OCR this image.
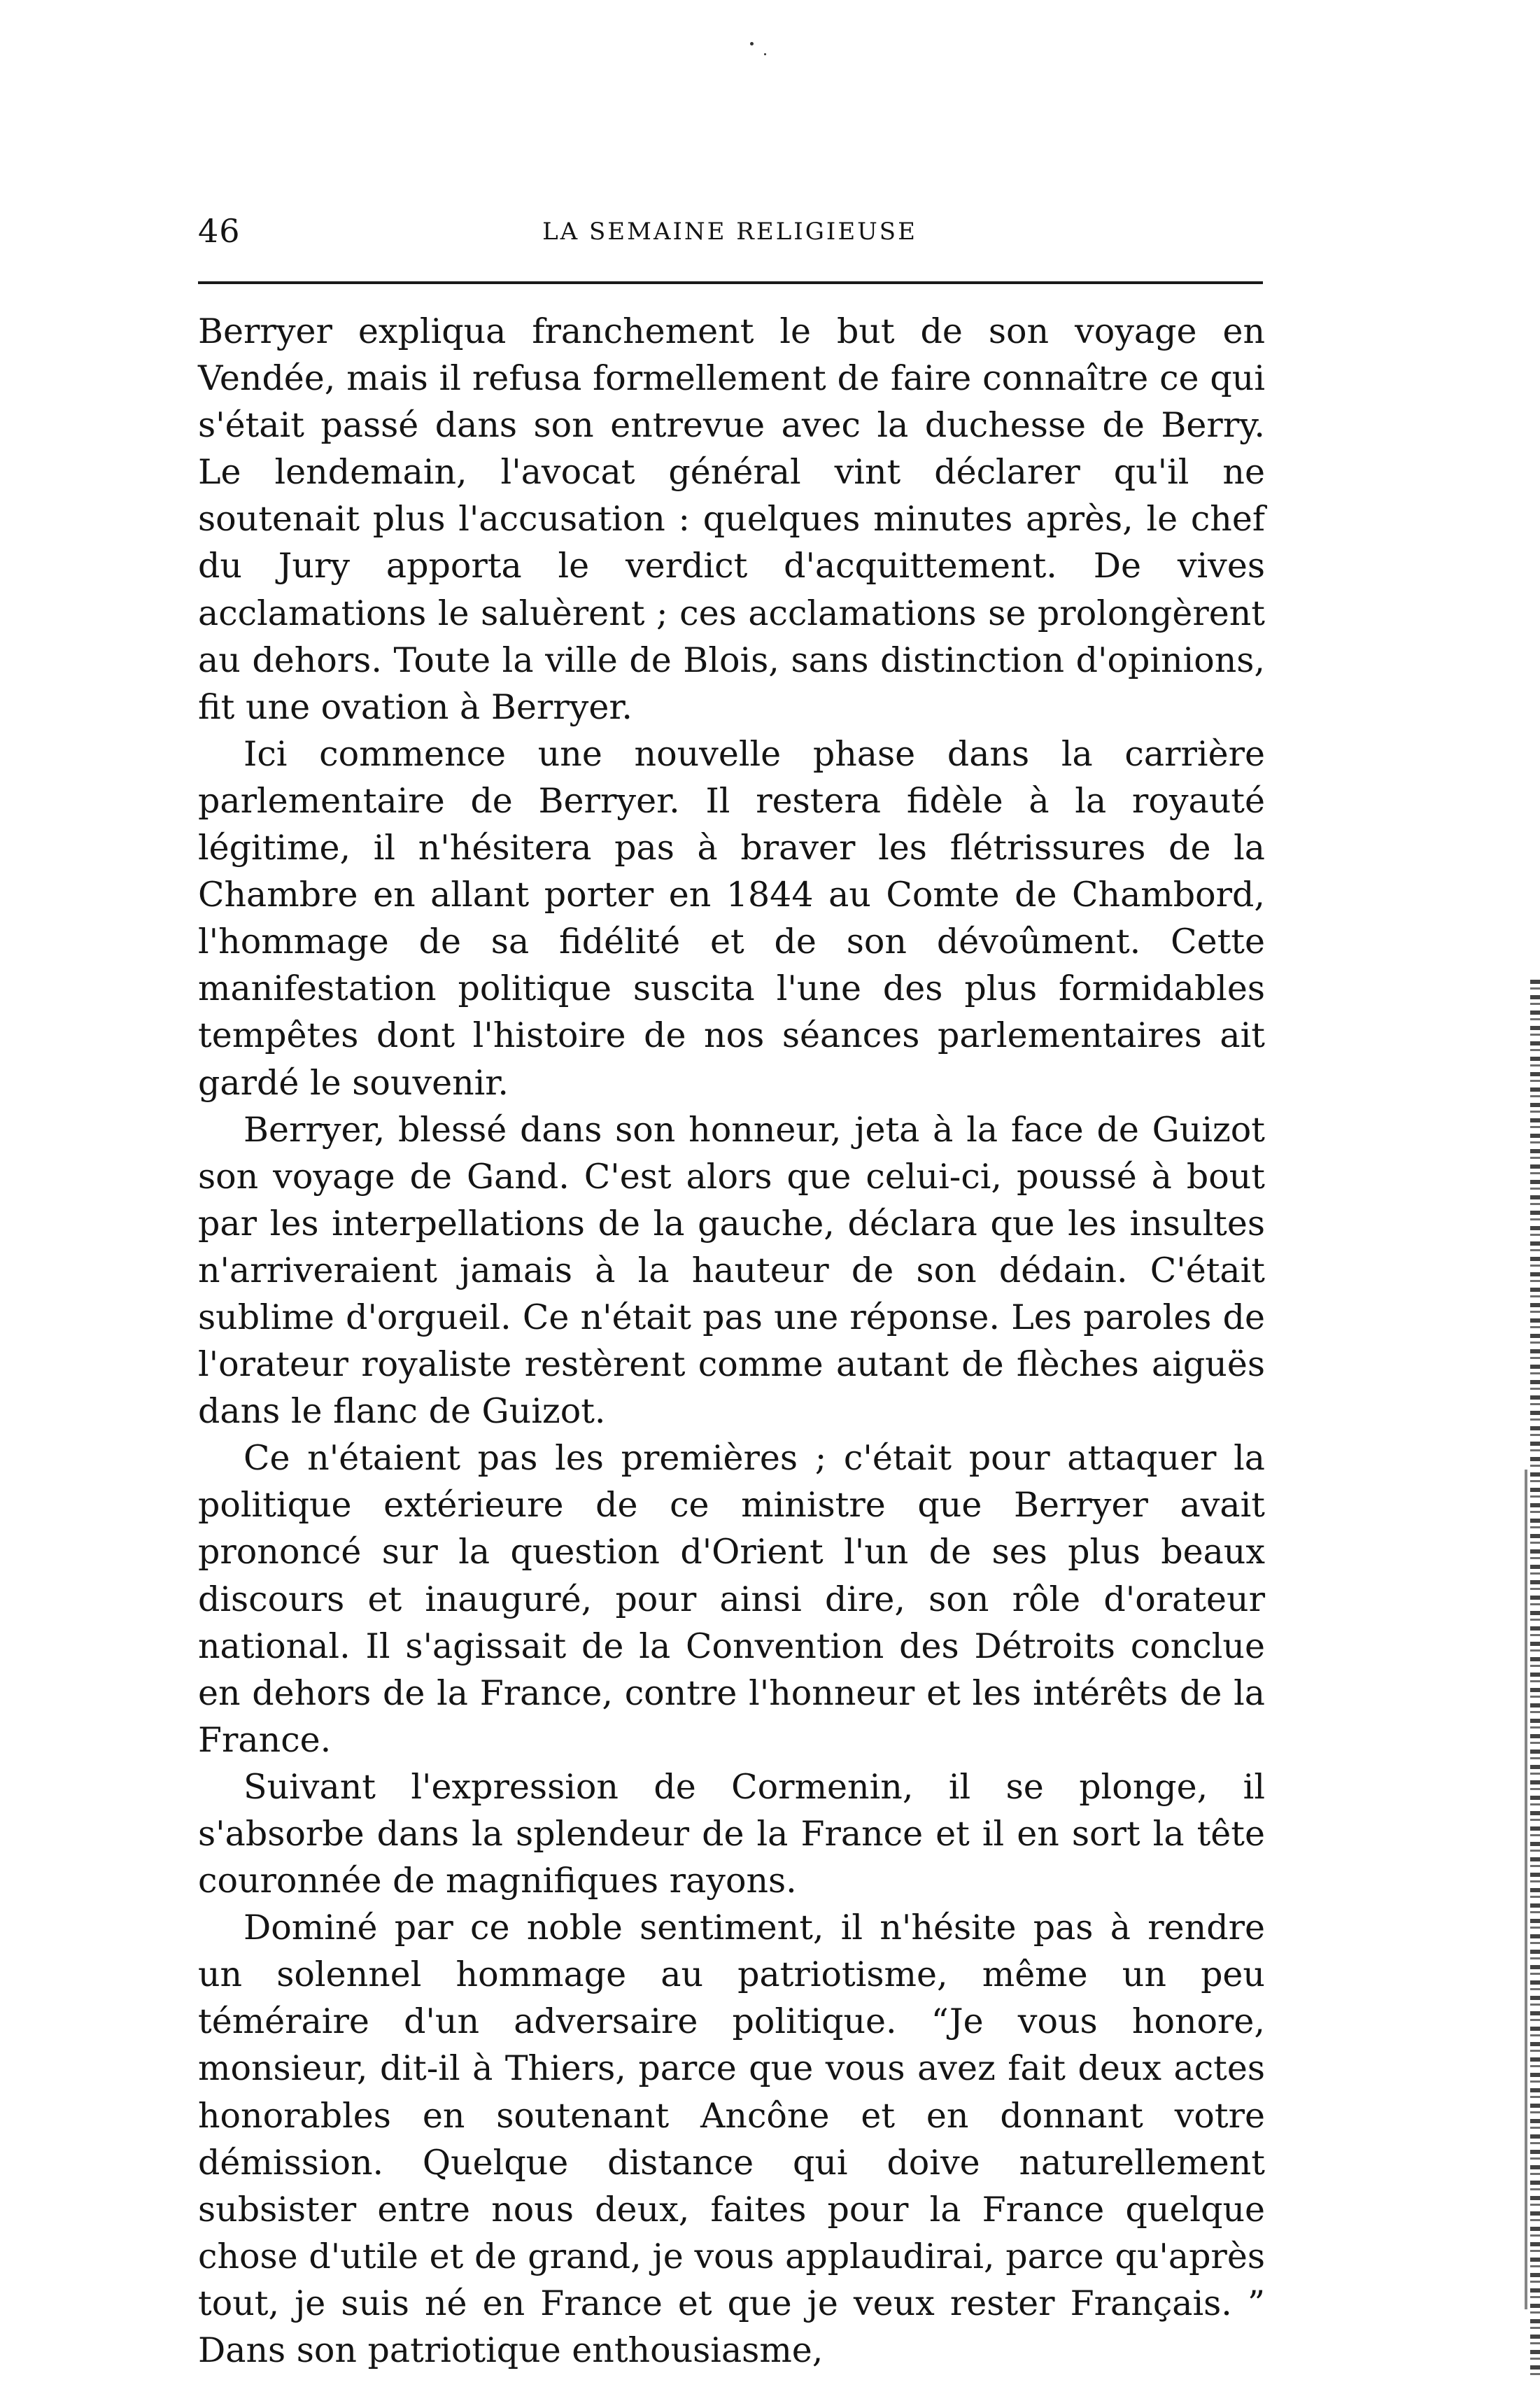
46	LA SEMAINE RELIGIEUSE

Berryer expliqua franchement le but de son voyage en Vendée, mais il refusa formellement de faire connaître ce qui s'était passé dans son entrevue avec la duchesse de Berry. Le lendemain, l'avocat général vint déclarer qu'il ne soutenait plus l'accusation : quelques minutes après, le chef du Jury apporta le verdict d'acquittement. De vives acclamations le saluèrent ; ces acclamations se prolongèrent au dehors. Toute la ville de Blois, sans distinction d'opinions, fit une ovation à Berryer.

Ici commence une nouvelle phase dans la carrière parlementaire de Berryer. Il restera fidèle à la royauté légitime, il n'hésitera pas à braver les flétrissures de la Chambre en allant porter en 1844 au Comte de Chambord, l'hommage de sa fidélité et de son dévoûment. Cette manifestation politique suscita l'une des plus formidables tempêtes dont l'histoire de nos séances parlementaires ait gardé le souvenir.

Berryer, blessé dans son honneur, jeta à la face de Guizot son voyage de Gand. C'est alors que celui-ci, poussé à bout par les interpellations de la gauche, déclara que les insultes n'arriveraient jamais à la hauteur de son dédain. C'était sublime d'orgueil. Ce n'était pas une réponse. Les paroles de l'orateur royaliste restèrent comme autant de flèches aiguës dans le flanc de Guizot.

Ce n'étaient pas les premières ; c'était pour attaquer la politique extérieure de ce ministre que Berryer avait prononcé sur la question d'Orient l'un de ses plus beaux discours et inauguré, pour ainsi dire, son rôle d'orateur national. Il s'agissait de la Convention des Détroits conclue en dehors de la France, contre l'honneur et les intérêts de la France.

Suivant l'expression de Cormenin, il se plonge, il s'absorbe dans la splendeur de la France et il en sort la tête couronnée de magnifiques rayons.

Dominé par ce noble sentiment, il n'hésite pas à rendre un solennel hommage au patriotisme, même un peu téméraire d'un adversaire politique. “Je vous honore, monsieur, dit-il à Thiers, parce que vous avez fait deux actes honorables en soutenant Ancône et en donnant votre démission. Quelque distance qui doive naturellement subsister entre nous deux, faites pour la France quelque chose d'utile et de grand, je vous applaudirai, parce qu'après tout, je suis né en France et que je veux rester Français. ” Dans son patriotique enthousiasme,
